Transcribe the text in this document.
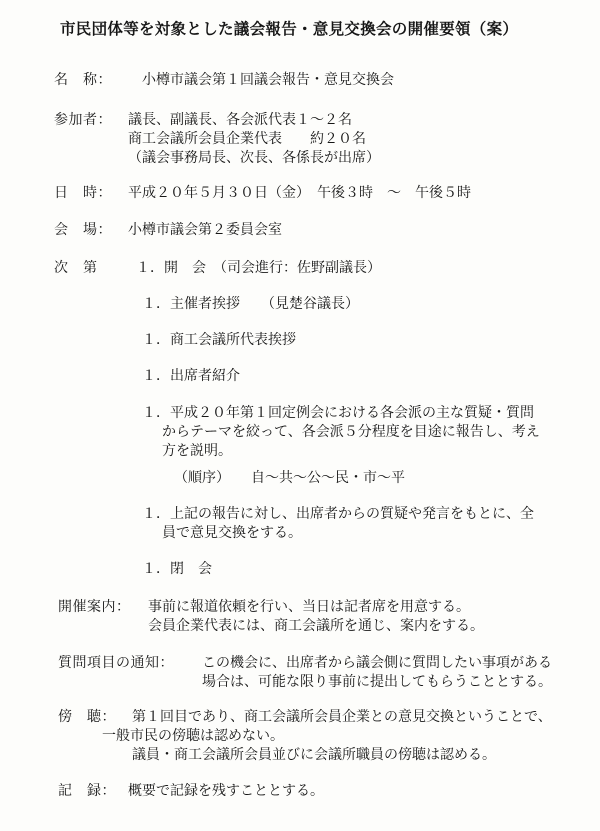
市民団体等を対象とした議会報告・意見交換会の開催要領（案）

名　称： 小樽市議会第１回議会報告・意見交換会

参加者： 議長、副議長、各会派代表１～２名

商工会議所会員企業代表　　約２０名

（議会事務局長、次長、各係長が出席）

日　時： 平成２０年５月３０日（金）　午後３時　～　午後５時

会　場： 小樽市議会第２委員会室

次　第	１．開　会　（司会進行：佐野副議長）

１．主催者挨拶　　（見楚谷議長）

１．商工会議所代表挨拶

１．出席者紹介

１．平成２０年第１回定例会における各会派の主な質疑・質問

からテーマを絞って、各会派５分程度を目途に報告し、考え

方を説明。

（順序）　　自～共～公～民・市～平

１．上記の報告に対し、出席者からの質疑や発言をもとに、全

員で意見交換をする。

１．閉　会

開催案内： 事前に報道依頼を行い、当日は記者席を用意する。

会員企業代表には、商工会議所を通じ、案内をする。

質問項目の通知： この機会に、出席者から議会側に質問したい事項がある

場合は、可能な限り事前に提出してもらうこととする。

傍　聴： 第１回目であり、商工会議所会員企業との意見交換ということで、

一般市民の傍聴は認めない。

議員・商工会議所会員並びに会議所職員の傍聴は認める。

記　録： 概要で記録を残すこととする。
